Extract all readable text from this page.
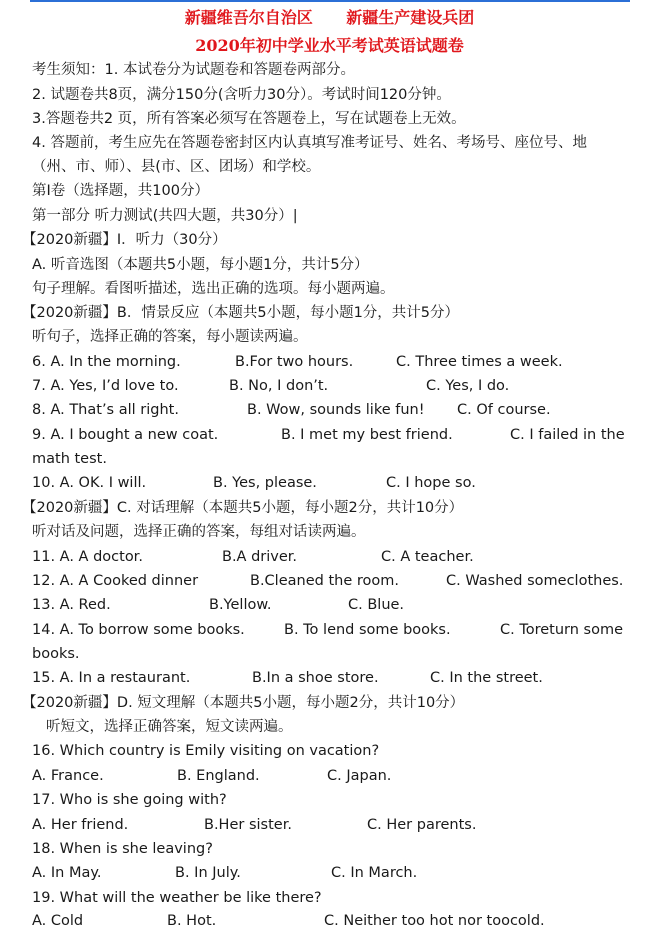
新疆维吾尔自治区      新疆生产建设兵团
2020年初中学业水平考试英语试题卷
考生须知：1. 本试卷分为试题卷和答题卷两部分。
2. 试题卷共8页，满分150分(含听力30分）。考试时间120分钟。
3.答题卷共2 页，所有答案必须写在答题卷上，写在试题卷上无效。
4. 答题前，考生应先在答题卷密封区内认真填写准考证号、姓名、考场号、座位号、地
（州、市、师）、县(市、区、团场）和学校。
第I卷（选择题，共100分）
第一部分 听力测试(共四大题，共30分）|
【2020新疆】I．听力（30分）
A. 听音选图（本题共5小题，每小题1分，共计5分）
句子理解。看图听描述，选出正确的选项。每小题两遍。
【2020新疆】B．情景反应（本题共5小题，每小题1分，共计5分）
听句子，选择正确的答案，每小题读两遍。
6. A. In the morning.	B.For two hours.	C. Three times a week.
7. A. Yes, I’d love to.	B. No, I don’t.	C. Yes, I do.
8. A. That’s all right.	B. Wow, sounds like fun! C. Of course.
9. A. I bought a new coat.	B. I met my best friend.	C. I failed in the
math test.
10. A. OK. I will.	B. Yes, please.	C. I hope so.
【2020新疆】C. 对话理解（本题共5小题，每小题2分，共计10分）
听对话及问题，选择正确的答案，每组对话读两遍。
11. A. A doctor.	B.A driver.	C. A teacher.
12. A. A Cooked dinner	B.Cleaned the room.	C. Washed someclothes.
13. A. Red.	B.Yellow.	C. Blue.
14. A. To borrow some books.	B. To lend some books.	C. Toreturn some
books.
15. A. In a restaurant.	B.In a shoe store.	C. In the street.
【2020新疆】D. 短文理解（本题共5小题，每小题2分，共计10分）
听短文，选择正确答案，短文读两遍。
16. Which country is Emily visiting on vacation?
A. France.	B. England.	C. Japan.
17. Who is she going with?
A. Her friend.	B.Her sister.	C. Her parents.
18. When is she leaving?
A. In May.	B. In July.	C. In March.
19. What will the weather be like there?
A. Cold	B. Hot.	C. Neither too hot nor toocold.
